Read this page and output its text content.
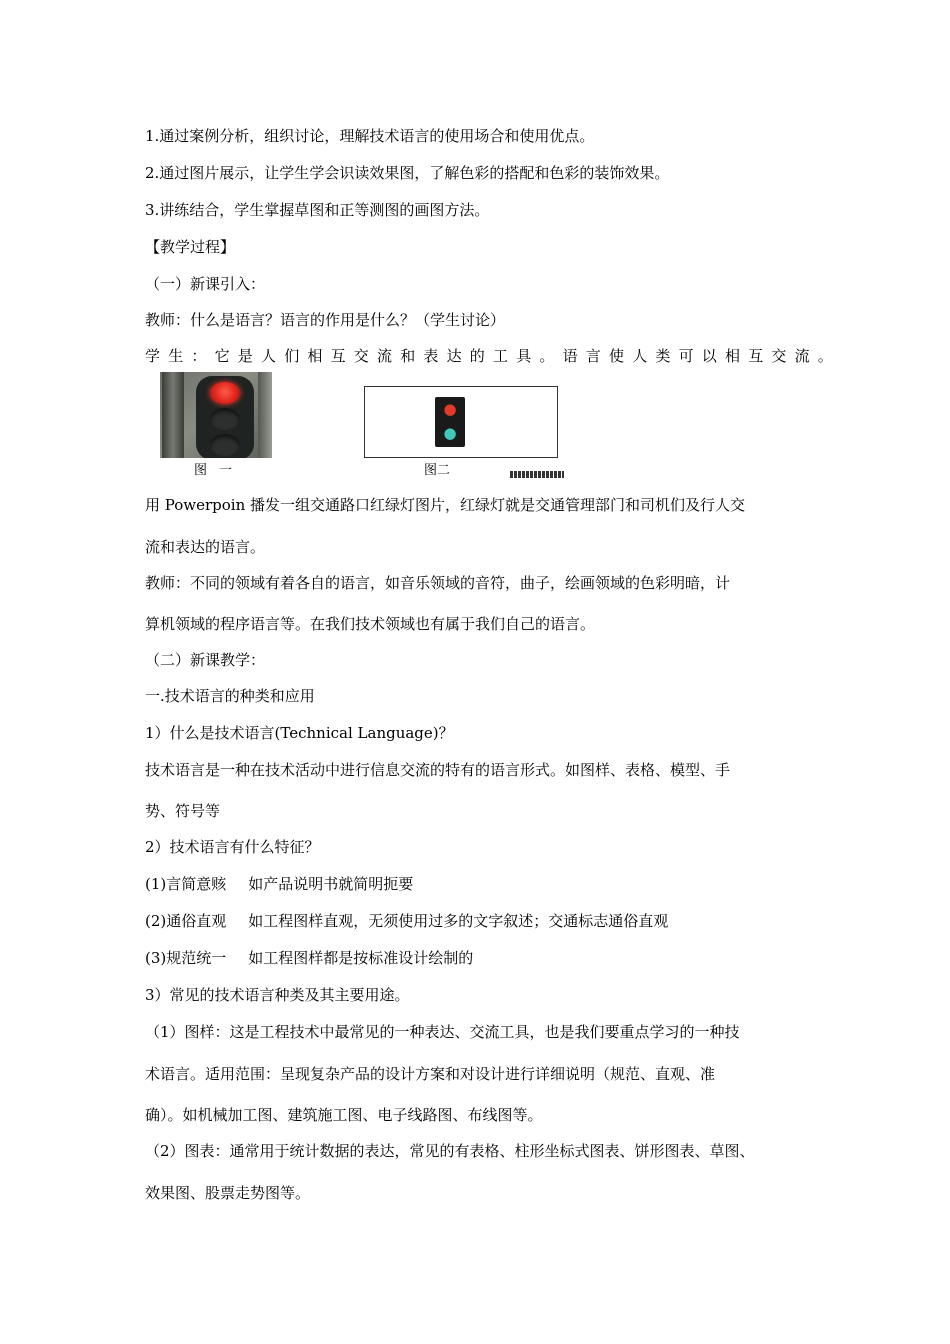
1.通过案例分析，组织讨论，理解技术语言的使用场合和使用优点。
2.通过图片展示，让学生学会识读效果图，了解色彩的搭配和色彩的装饰效果。
3.讲练结合，学生掌握草图和正等测图的画图方法。
【教学过程】
（一）新课引入：
教师：什么是语言？语言的作用是什么？（学生讨论）
学生：它是人们相互交流和表达的工具。语言使人类可以相互交流。
图一
●
●
图二
用 Powerpoin 播发一组交通路口红绿灯图片，红绿灯就是交通管理部门和司机们及行人交
流和表达的语言。
教师：不同的领域有着各自的语言，如音乐领域的音符，曲子，绘画领域的色彩明暗，计
算机领域的程序语言等。在我们技术领域也有属于我们自己的语言。
（二）新课教学：
一.技术语言的种类和应用
1）什么是技术语言(Technical Language)？
技术语言是一种在技术活动中进行信息交流的特有的语言形式。如图样、表格、模型、手
势、符号等
2）技术语言有什么特征？
(1)言简意赅 如产品说明书就简明扼要
(2)通俗直观 如工程图样直观，无须使用过多的文字叙述；交通标志通俗直观
(3)规范统一 如工程图样都是按标准设计绘制的
3）常见的技术语言种类及其主要用途。
（1）图样：这是工程技术中最常见的一种表达、交流工具，也是我们要重点学习的一种技
术语言。适用范围：呈现复杂产品的设计方案和对设计进行详细说明（规范、直观、准
确）。如机械加工图、建筑施工图、电子线路图、布线图等。
（2）图表：通常用于统计数据的表达，常见的有表格、柱形坐标式图表、饼形图表、草图、
效果图、股票走势图等。
